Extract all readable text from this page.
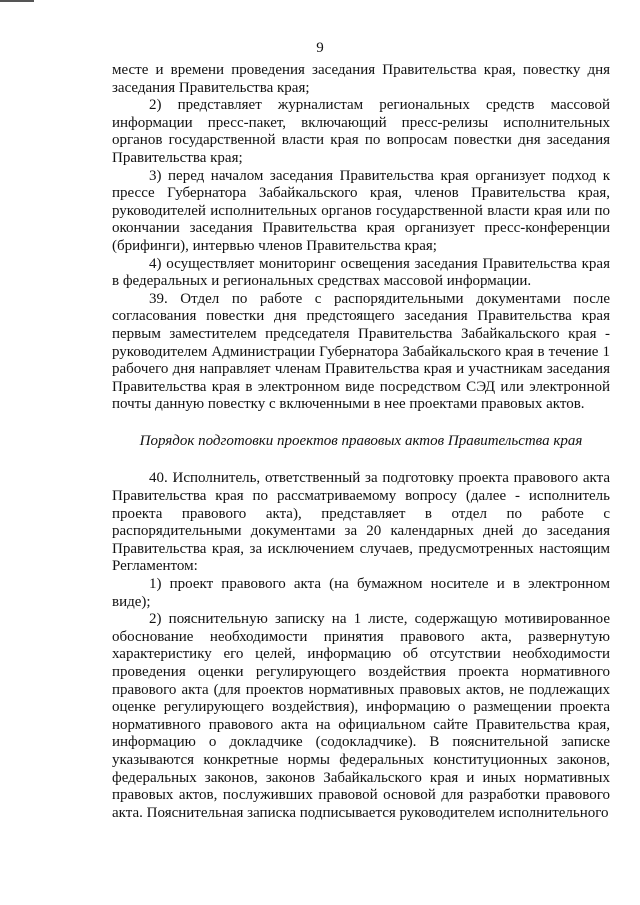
9

месте и времени проведения заседания Правительства края, повестку дня заседания Правительства края;

2) представляет журналистам региональных средств массовой информации пресс-пакет, включающий пресс-релизы исполнительных органов государственной власти края по вопросам повестки дня заседания Правительства края;

3) перед началом заседания Правительства края организует подход к прессе Губернатора Забайкальского края, членов Правительства края, руководителей исполнительных органов государственной власти края или по окончании заседания Правительства края организует пресс-конференции (брифинги), интервью членов Правительства края;

4) осуществляет мониторинг освещения заседания Правительства края в федеральных и региональных средствах массовой информации.

39. Отдел по работе с распорядительными документами после согласования повестки дня предстоящего заседания Правительства края первым заместителем председателя Правительства Забайкальского края - руководителем Администрации Губернатора Забайкальского края в течение 1 рабочего дня направляет членам Правительства края и участникам заседания Правительства края в электронном виде посредством СЭД или электронной почты данную повестку с включенными в нее проектами правовых актов.

Порядок подготовки проектов правовых актов Правительства края

40. Исполнитель, ответственный за подготовку проекта правового акта Правительства края по рассматриваемому вопросу (далее - исполнитель проекта правового акта), представляет в отдел по работе с распорядительными документами за 20 календарных дней до заседания Правительства края, за исключением случаев, предусмотренных настоящим Регламентом:

1) проект правового акта (на бумажном носителе и в электронном виде);

2) пояснительную записку на 1 листе, содержащую мотивированное обоснование необходимости принятия правового акта, развернутую характеристику его целей, информацию об отсутствии необходимости проведения оценки регулирующего воздействия проекта нормативного правового акта (для проектов нормативных правовых актов, не подлежащих оценке регулирующего воздействия), информацию о размещении проекта нормативного правового акта на официальном сайте Правительства края, информацию о докладчике (содокладчике). В пояснительной записке указываются конкретные нормы федеральных конституционных законов, федеральных законов, законов Забайкальского края и иных нормативных правовых актов, послуживших правовой основой для разработки правового акта. Пояснительная записка подписывается руководителем исполнительного
